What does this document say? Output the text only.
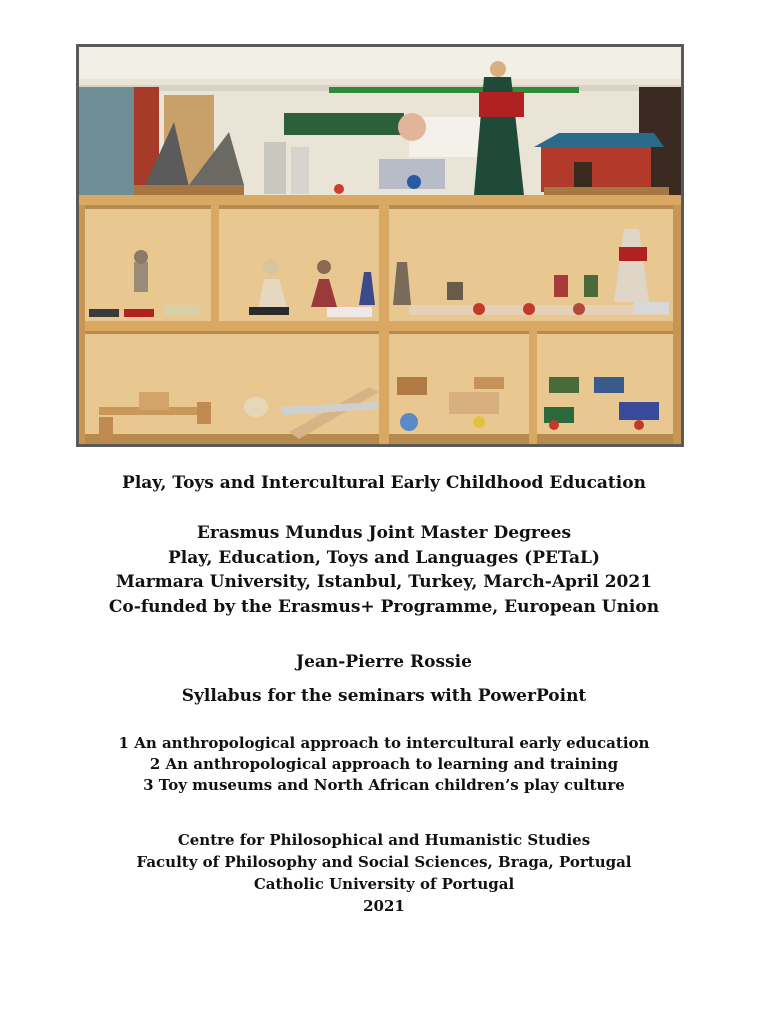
Play, Toys and Intercultural Early Childhood Education
Erasmus Mundus Joint Master Degrees
Play, Education, Toys and Languages (PETaL)
Marmara University, Istanbul, Turkey, March-April 2021
Co-funded by the Erasmus+ Programme, European Union
Jean-Pierre Rossie
Syllabus for the seminars with PowerPoint
1 An anthropological approach to intercultural early education
2 An anthropological approach to learning and training
3 Toy museums and North African children’s play culture
Centre for Philosophical and Humanistic Studies
Faculty of Philosophy and Social Sciences, Braga, Portugal
Catholic University of Portugal
2021
